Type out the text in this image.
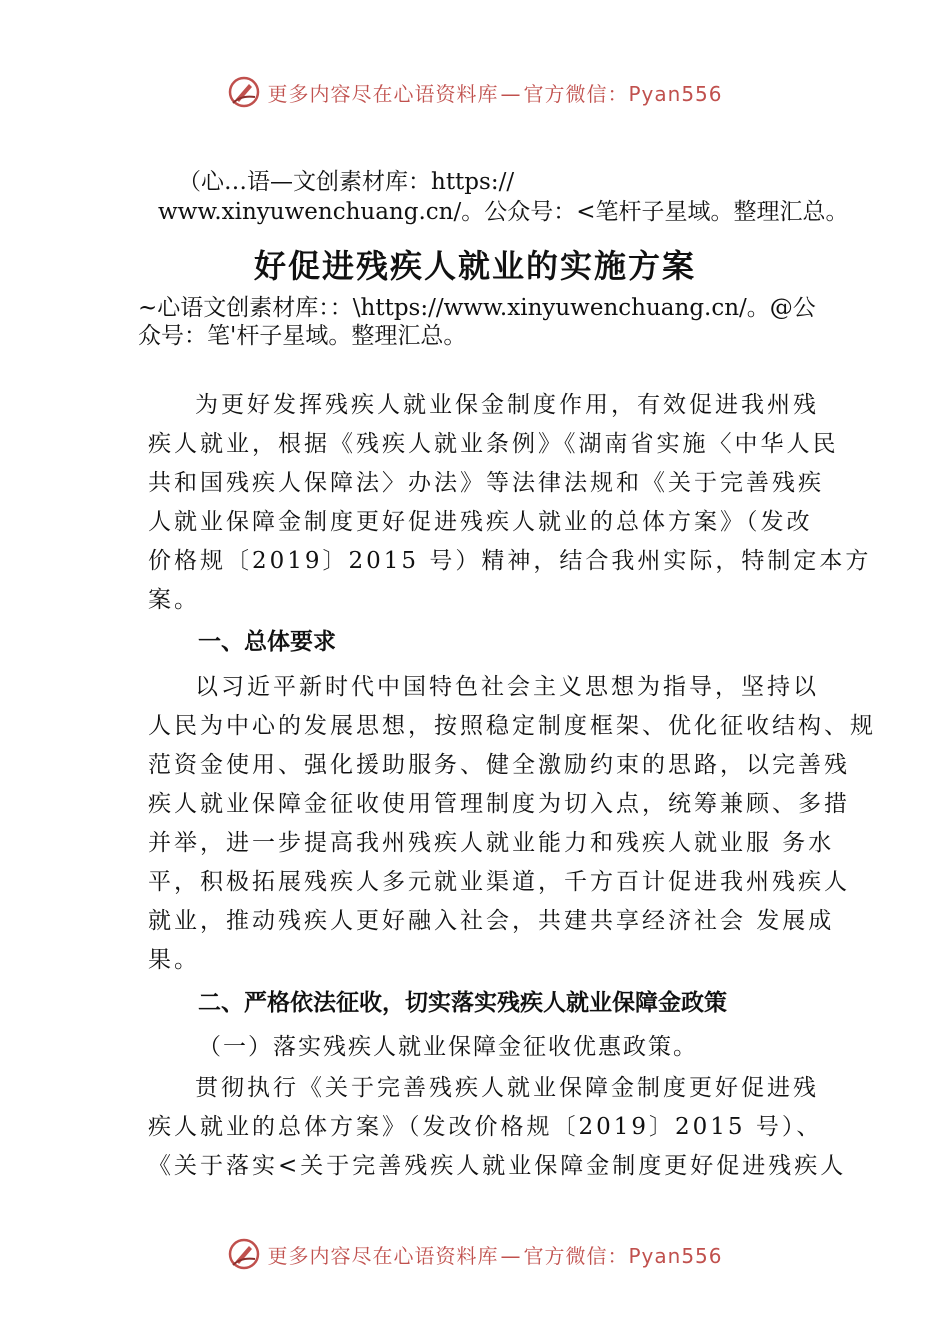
更多内容尽在心语资料库 — 官方微信：Pyan556
（心…语—文创素材库：https://
www.xinyuwenchuang.cn/。公众号：<笔杆子星域。整理汇总。
好促进残疾人就业的实施方案
~心语文创素材库：：\https://www.xinyuwenchuang.cn/。@公
众号：笔'杆子星域。整理汇总。
为更好发挥残疾人就业保金制度作用，有效促进我州残
疾人就业，根据《残疾人就业条例》《湖南省实施〈中华人民
共和国残疾人保障法〉办法》等法律法规和《关于完善残疾
人就业保障金制度更好促进残疾人就业的总体方案》（发改
价格规〔2019〕2015 号）精神，结合我州实际，特制定本方
案。
一、总体要求
以习近平新时代中国特色社会主义思想为指导，坚持以
人民为中心的发展思想，按照稳定制度框架、优化征收结构、规
范资金使用、强化援助服务、健全激励约束的思路，以完善残
疾人就业保障金征收使用管理制度为切入点，统筹兼顾、多措
并举，进一步提高我州残疾人就业能力和残疾人就业服 务水
平，积极拓展残疾人多元就业渠道，千方百计促进我州残疾人
就业，推动残疾人更好融入社会，共建共享经济社会 发展成
果。
二、严格依法征收，切实落实残疾人就业保障金政策
（一）落实残疾人就业保障金征收优惠政策。
贯彻执行《关于完善残疾人就业保障金制度更好促进残
疾人就业的总体方案》（发改价格规〔2019〕2015 号）、
《关于落实<关于完善残疾人就业保障金制度更好促进残疾人
更多内容尽在心语资料库 — 官方微信：Pyan556
